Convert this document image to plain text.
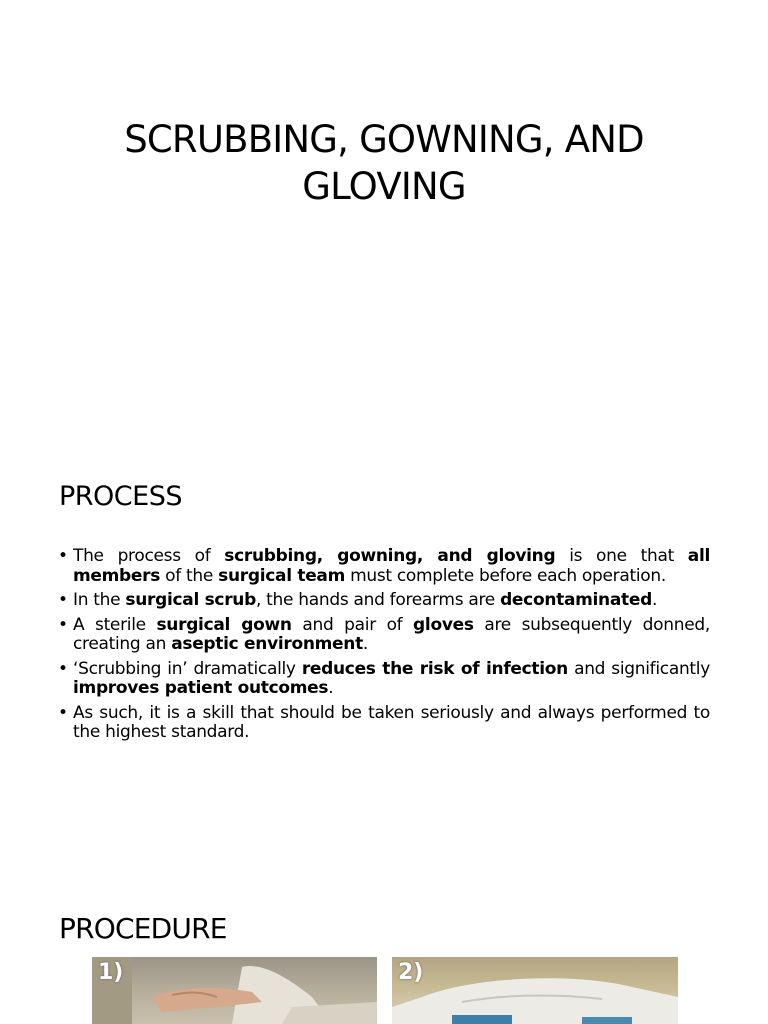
SCRUBBING, GOWNING, AND
GLOVING
PROCESS
• The process of scrubbing, gowning, and gloving is one that all members of the surgical team must complete before each operation.
• In the surgical scrub, the hands and forearms are decontaminated.
• A sterile surgical gown and pair of gloves are subsequently donned, creating an aseptic environment.
• ‘Scrubbing in’ dramatically reduces the risk of infection and significantly improves patient outcomes.
• As such, it is a skill that should be taken seriously and always performed to the highest standard.
PROCEDURE
1)	2)
